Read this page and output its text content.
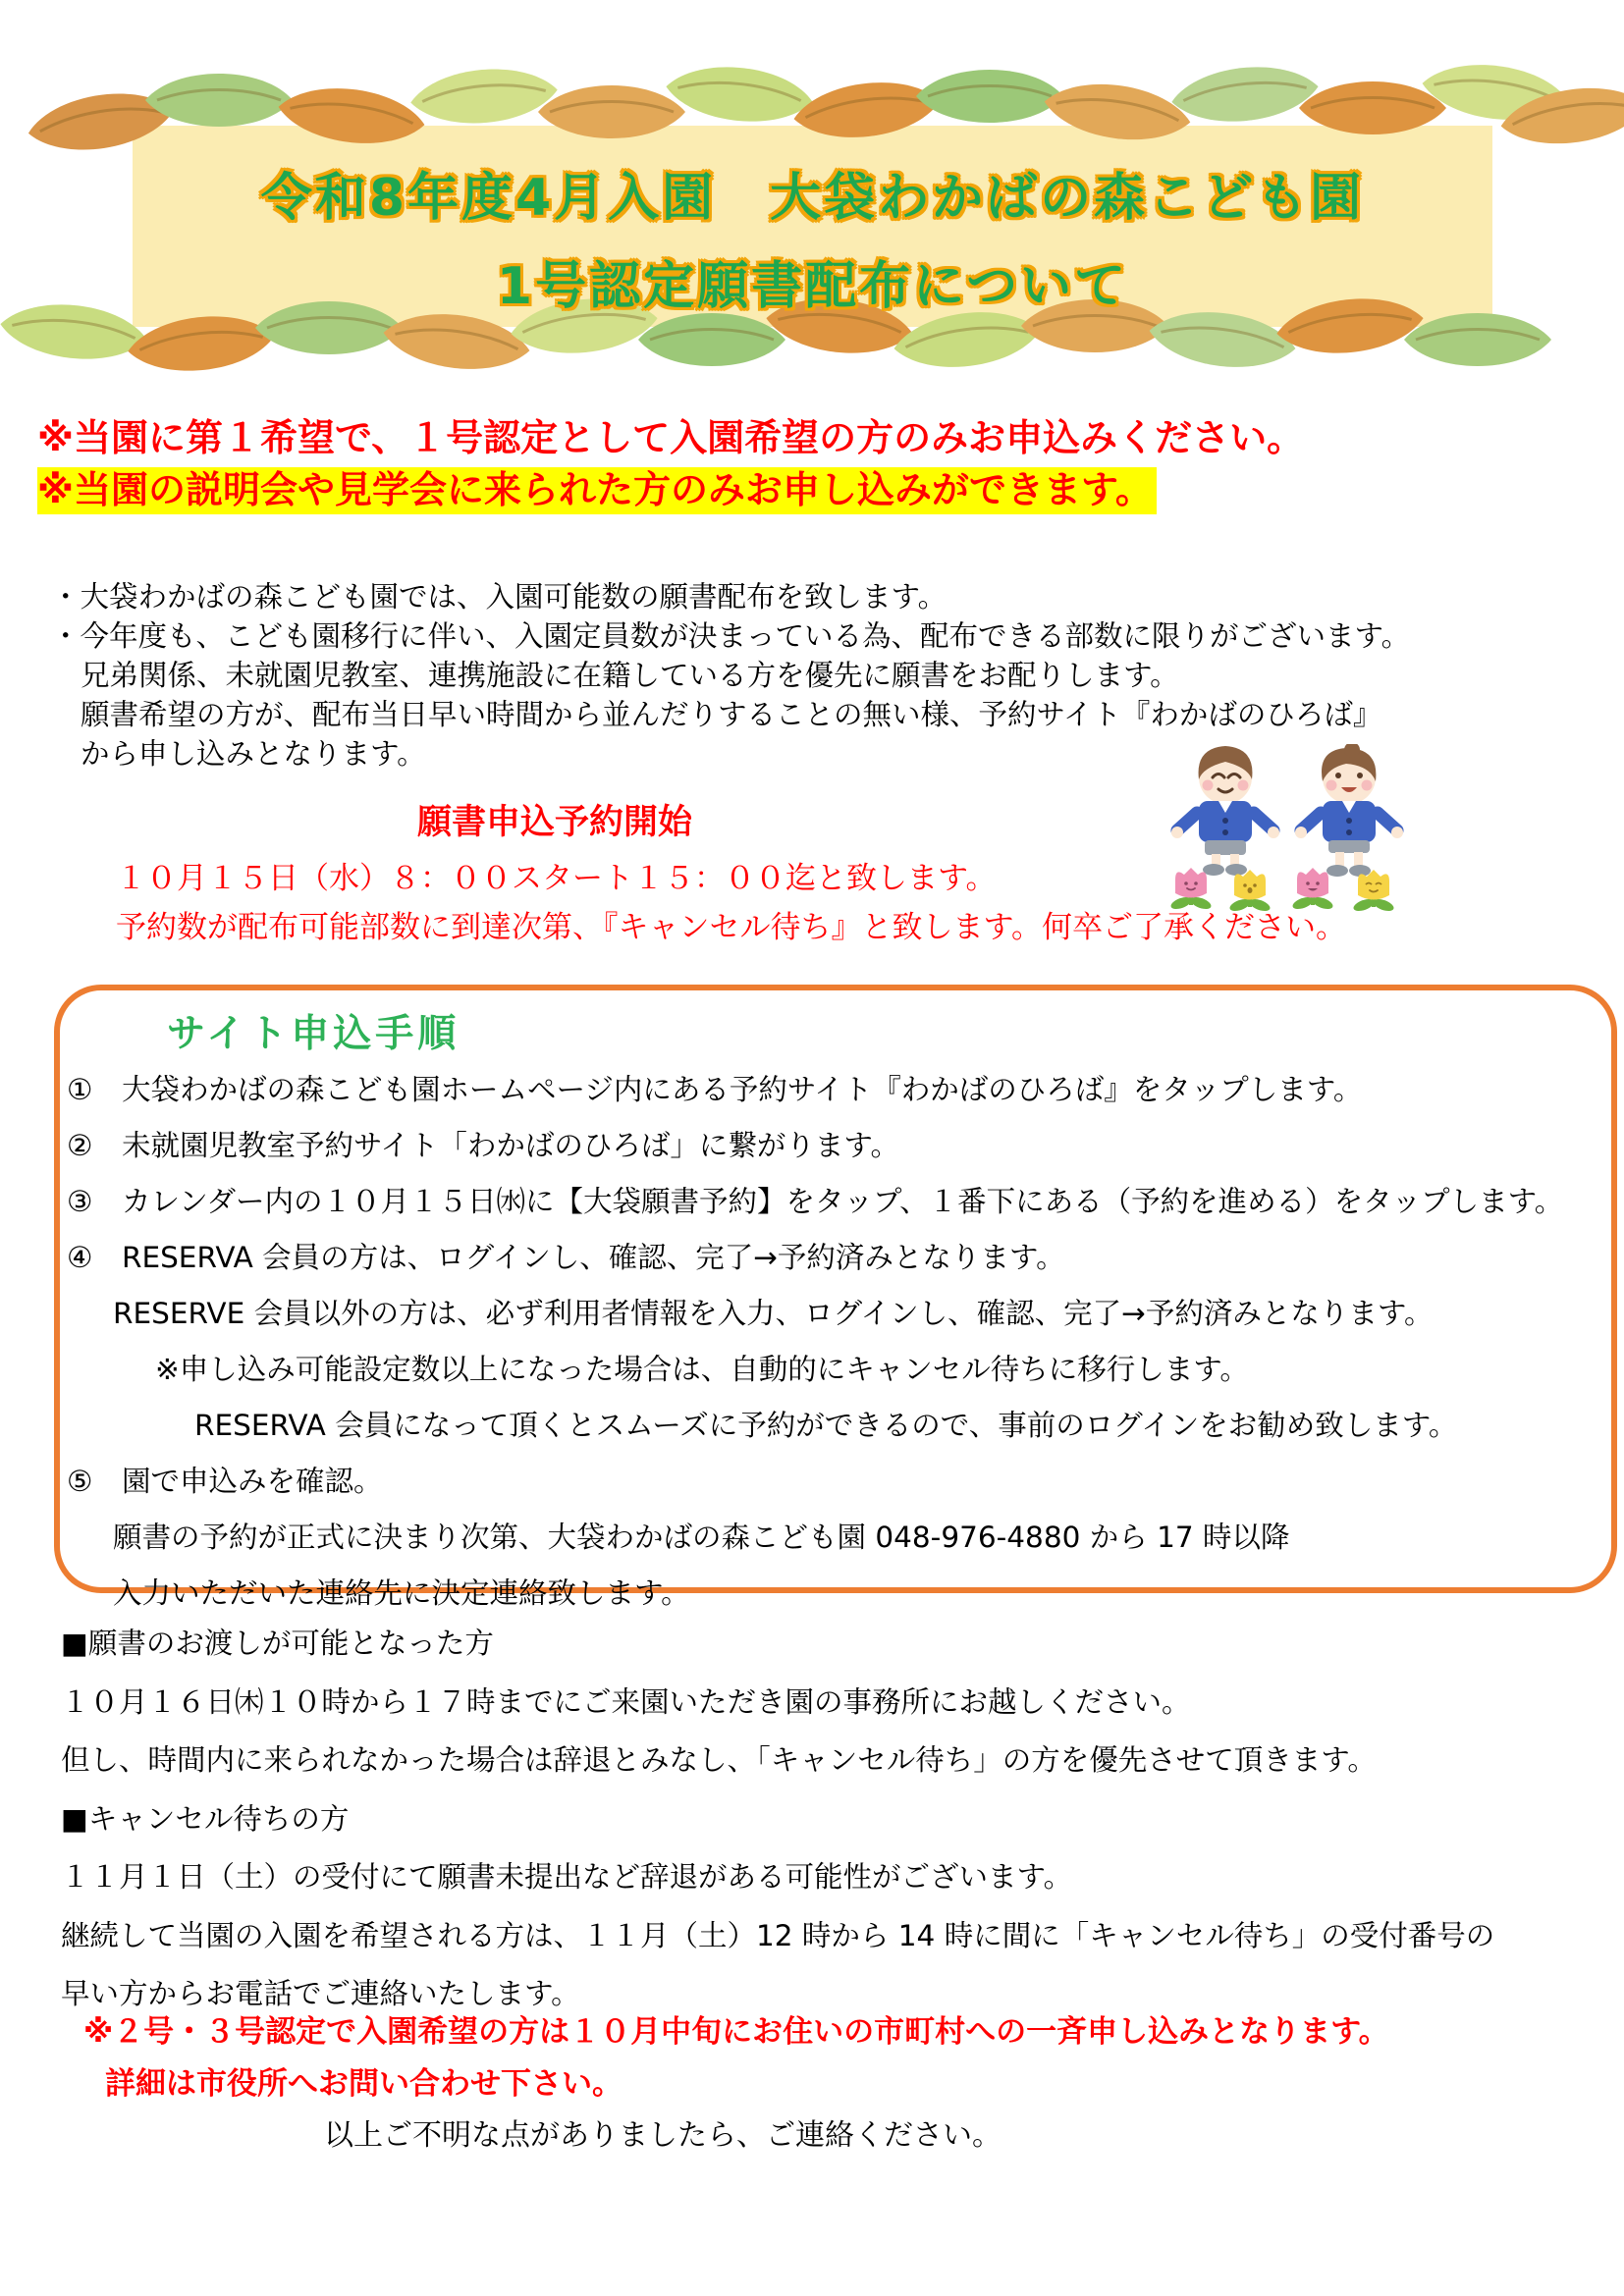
令和8年度4月入園　大袋わかばの森こども園
1号認定願書配布について
※当園に第１希望で、１号認定として入園希望の方のみお申込みください。
※当園の説明会や見学会に来られた方のみお申し込みができます。
・大袋わかばの森こども園では、入園可能数の願書配布を致します。
・今年度も、こども園移行に伴い、入園定員数が決まっている為、配布できる部数に限りがございます。
兄弟関係、未就園児教室、連携施設に在籍している方を優先に願書をお配りします。
願書希望の方が、配布当日早い時間から並んだりすることの無い様、予約サイト『わかばのひろば』
から申し込みとなります。
願書申込予約開始
１０月１５日（水）８：００スタート１５：００迄と致します。
予約数が配布可能部数に到達次第、『キャンセル待ち』と致します。何卒ご了承ください。
サイト申込手順
①　大袋わかばの森こども園ホームページ内にある予約サイト『わかばのひろば』をタップします。
②　未就園児教室予約サイト「わかばのひろば」に繋がります。
③　カレンダー内の１０月１５日㈬に【大袋願書予約】をタップ、１番下にある（予約を進める）をタップします。
④　RESERVA 会員の方は、ログインし、確認、完了→予約済みとなります。
RESERVE 会員以外の方は、必ず利用者情報を入力、ログインし、確認、完了→予約済みとなります。
※申し込み可能設定数以上になった場合は、自動的にキャンセル待ちに移行します。
RESERVA 会員になって頂くとスムーズに予約ができるので、事前のログインをお勧め致します。
⑤　園で申込みを確認。
願書の予約が正式に決まり次第、大袋わかばの森こども園 048-976-4880 から 17 時以降
入力いただいた連絡先に決定連絡致します。
■願書のお渡しが可能となった方
１０月１６日㈭１０時から１７時までにご来園いただき園の事務所にお越しください。
但し、時間内に来られなかった場合は辞退とみなし、「キャンセル待ち」の方を優先させて頂きます。
■キャンセル待ちの方
１１月１日（土）の受付にて願書未提出など辞退がある可能性がございます。
継続して当園の入園を希望される方は、１１月（土）12 時から 14 時に間に「キャンセル待ち」の受付番号の
早い方からお電話でご連絡いたします。
※２号・３号認定で入園希望の方は１０月中旬にお住いの市町村への一斉申し込みとなります。
詳細は市役所へお問い合わせ下さい。
以上ご不明な点がありましたら、ご連絡ください。
